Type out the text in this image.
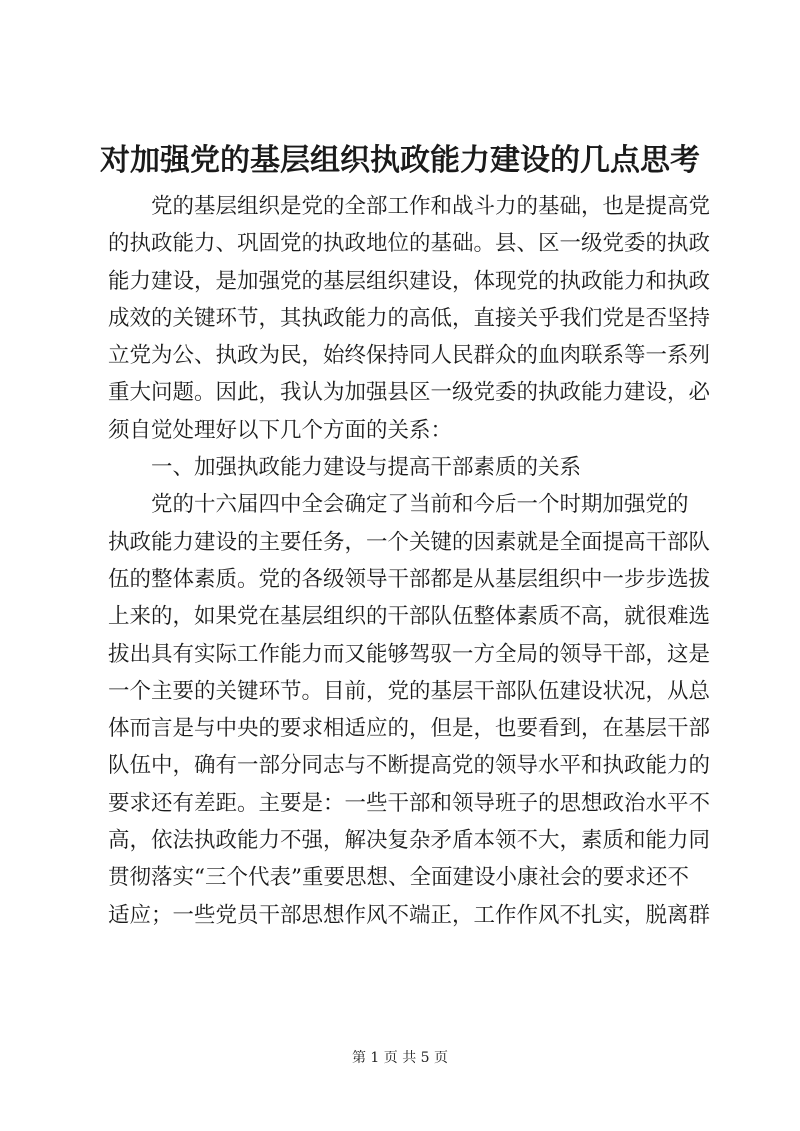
对加强党的基层组织执政能力建设的几点思考
党的基层组织是党的全部工作和战斗力的基础，也是提高党
的执政能力、巩固党的执政地位的基础。县、区一级党委的执政
能力建设，是加强党的基层组织建设，体现党的执政能力和执政
成效的关键环节，其执政能力的高低，直接关乎我们党是否坚持
立党为公、执政为民，始终保持同人民群众的血肉联系等一系列
重大问题。因此，我认为加强县区一级党委的执政能力建设，必
须自觉处理好以下几个方面的关系：
一、加强执政能力建设与提高干部素质的关系
党的十六届四中全会确定了当前和今后一个时期加强党的
执政能力建设的主要任务，一个关键的因素就是全面提高干部队
伍的整体素质。党的各级领导干部都是从基层组织中一步步选拔
上来的，如果党在基层组织的干部队伍整体素质不高，就很难选
拔出具有实际工作能力而又能够驾驭一方全局的领导干部，这是
一个主要的关键环节。目前，党的基层干部队伍建设状况，从总
体而言是与中央的要求相适应的，但是，也要看到，在基层干部
队伍中，确有一部分同志与不断提高党的领导水平和执政能力的
要求还有差距。主要是：一些干部和领导班子的思想政治水平不
高，依法执政能力不强，解决复杂矛盾本领不大，素质和能力同
贯彻落实“三个代表”重要思想、全面建设小康社会的要求还不
适应；一些党员干部思想作风不端正，工作作风不扎实，脱离群
第 1 页 共 5 页
